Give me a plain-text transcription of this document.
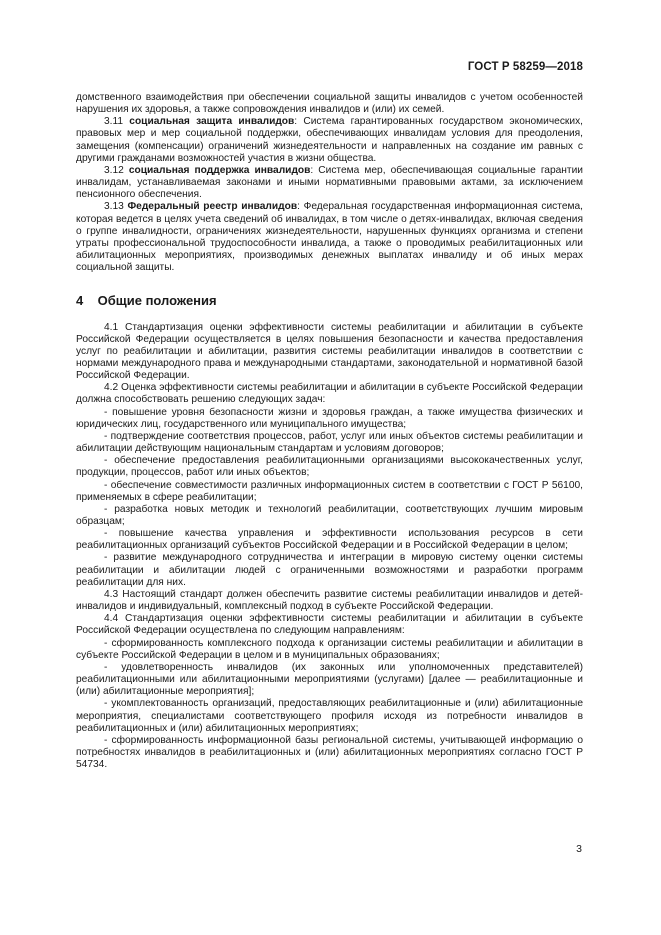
ГОСТ Р 58259—2018

домственного взаимодействия при обеспечении социальной защиты инвалидов с учетом особенностей нарушения их здоровья, а также сопровождения инвалидов и (или) их семей.

3.11 социальная защита инвалидов: Система гарантированных государством экономических, правовых мер и мер социальной поддержки, обеспечивающих инвалидам условия для преодоления, замещения (компенсации) ограничений жизнедеятельности и направленных на создание им равных с другими гражданами возможностей участия в жизни общества.

3.12 социальная поддержка инвалидов: Система мер, обеспечивающая социальные гарантии инвалидам, устанавливаемая законами и иными нормативными правовыми актами, за исключением пенсионного обеспечения.

3.13 Федеральный реестр инвалидов: Федеральная государственная информационная система, которая ведется в целях учета сведений об инвалидах, в том числе о детях-инвалидах, включая сведения о группе инвалидности, ограничениях жизнедеятельности, нарушенных функциях организма и степени утраты профессиональной трудоспособности инвалида, а также о проводимых реабилитационных или абилитационных мероприятиях, производимых денежных выплатах инвалиду и об иных мерах социальной защиты.

4 Общие положения

4.1 Стандартизация оценки эффективности системы реабилитации и абилитации в субъекте Российской Федерации осуществляется в целях повышения безопасности и качества предоставления услуг по реабилитации и абилитации, развития системы реабилитации инвалидов в соответствии с нормами международного права и международными стандартами, законодательной и нормативной базой Российской Федерации.

4.2 Оценка эффективности системы реабилитации и абилитации в субъекте Российской Федерации должна способствовать решению следующих задач:

- повышение уровня безопасности жизни и здоровья граждан, а также имущества физических и юридических лиц, государственного или муниципального имущества;

- подтверждение соответствия процессов, работ, услуг или иных объектов системы реабилитации и абилитации действующим национальным стандартам и условиям договоров;

- обеспечение предоставления реабилитационными организациями высококачественных услуг, продукции, процессов, работ или иных объектов;

- обеспечение совместимости различных информационных систем в соответствии с ГОСТ Р 56100, применяемых в сфере реабилитации;

- разработка новых методик и технологий реабилитации, соответствующих лучшим мировым образцам;

- повышение качества управления и эффективности использования ресурсов в сети реабилитационных организаций субъектов Российской Федерации и в Российской Федерации в целом;

- развитие международного сотрудничества и интеграции в мировую систему оценки системы реабилитации и абилитации людей с ограниченными возможностями и разработки программ реабилитации для них.

4.3 Настоящий стандарт должен обеспечить развитие системы реабилитации инвалидов и детей-инвалидов и индивидуальный, комплексный подход в субъекте Российской Федерации.

4.4 Стандартизация оценки эффективности системы реабилитации и абилитации в субъекте Российской Федерации осуществлена по следующим направлениям:

- сформированность комплексного подхода к организации системы реабилитации и абилитации в субъекте Российской Федерации в целом и в муниципальных образованиях;

- удовлетворенность инвалидов (их законных или уполномоченных представителей) реабилитационными или абилитационными мероприятиями (услугами) [далее — реабилитационные и (или) абилитационные мероприятия];

- укомплектованность организаций, предоставляющих реабилитационные и (или) абилитационные мероприятия, специалистами соответствующего профиля исходя из потребности инвалидов в реабилитационных и (или) абилитационных мероприятиях;

- сформированность информационной базы региональной системы, учитывающей информацию о потребностях инвалидов в реабилитационных и (или) абилитационных мероприятиях согласно ГОСТ Р 54734.

3
